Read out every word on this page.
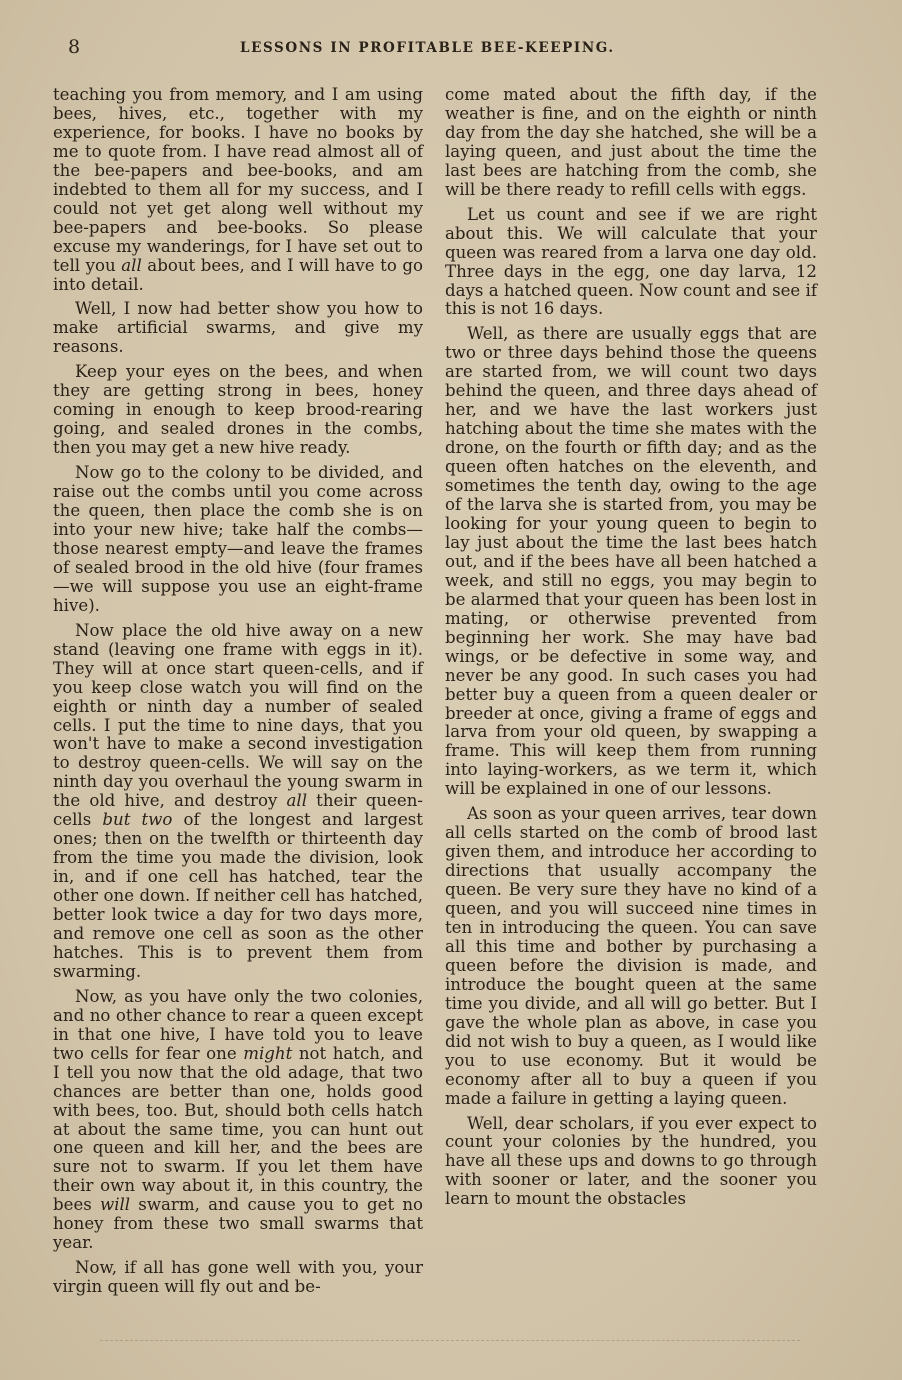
8	LESSONS IN PROFITABLE BEE-KEEPING.

teaching you from memory, and I am using bees, hives, etc., together with my experience, for books. I have no books by me to quote from. I have read almost all of the bee-papers and bee-books, and am indebted to them all for my success, and I could not yet get along well without my bee-papers and bee-books. So please excuse my wanderings, for I have set out to tell you all about bees, and I will have to go into detail.

Well, I now had better show you how to make artificial swarms, and give my reasons.

Keep your eyes on the bees, and when they are getting strong in bees, honey coming in enough to keep brood-rearing going, and sealed drones in the combs, then you may get a new hive ready.

Now go to the colony to be divided, and raise out the combs until you come across the queen, then place the comb she is on into your new hive; take half the combs—those nearest empty—and leave the frames of sealed brood in the old hive (four frames—we will suppose you use an eight-frame hive).

Now place the old hive away on a new stand (leaving one frame with eggs in it). They will at once start queen-cells, and if you keep close watch you will find on the eighth or ninth day a number of sealed cells. I put the time to nine days, that you won't have to make a second investigation to destroy queen-cells. We will say on the ninth day you overhaul the young swarm in the old hive, and destroy all their queen-cells but two of the longest and largest ones; then on the twelfth or thirteenth day from the time you made the division, look in, and if one cell has hatched, tear the other one down. If neither cell has hatched, better look twice a day for two days more, and remove one cell as soon as the other hatches. This is to prevent them from swarming.

Now, as you have only the two colonies, and no other chance to rear a queen except in that one hive, I have told you to leave two cells for fear one might not hatch, and I tell you now that the old adage, that two chances are better than one, holds good with bees, too. But, should both cells hatch at about the same time, you can hunt out one queen and kill her, and the bees are sure not to swarm. If you let them have their own way about it, in this country, the bees will swarm, and cause you to get no honey from these two small swarms that year.

Now, if all has gone well with you, your virgin queen will fly out and be-

come mated about the fifth day, if the weather is fine, and on the eighth or ninth day from the day she hatched, she will be a laying queen, and just about the time the last bees are hatching from the comb, she will be there ready to refill cells with eggs.

Let us count and see if we are right about this. We will calculate that your queen was reared from a larva one day old. Three days in the egg, one day larva, 12 days a hatched queen. Now count and see if this is not 16 days.

Well, as there are usually eggs that are two or three days behind those the queens are started from, we will count two days behind the queen, and three days ahead of her, and we have the last workers just hatching about the time she mates with the drone, on the fourth or fifth day; and as the queen often hatches on the eleventh, and sometimes the tenth day, owing to the age of the larva she is started from, you may be looking for your young queen to begin to lay just about the time the last bees hatch out, and if the bees have all been hatched a week, and still no eggs, you may begin to be alarmed that your queen has been lost in mating, or otherwise prevented from beginning her work. She may have bad wings, or be defective in some way, and never be any good. In such cases you had better buy a queen from a queen dealer or breeder at once, giving a frame of eggs and larva from your old queen, by swapping a frame. This will keep them from running into laying-workers, as we term it, which will be explained in one of our lessons.

As soon as your queen arrives, tear down all cells started on the comb of brood last given them, and introduce her according to directions that usually accompany the queen. Be very sure they have no kind of a queen, and you will succeed nine times in ten in introducing the queen. You can save all this time and bother by purchasing a queen before the division is made, and introduce the bought queen at the same time you divide, and all will go better. But I gave the whole plan as above, in case you did not wish to buy a queen, as I would like you to use economy. But it would be economy after all to buy a queen if you made a failure in getting a laying queen.

Well, dear scholars, if you ever expect to count your colonies by the hundred, you have all these ups and downs to go through with sooner or later, and the sooner you learn to mount the obstacles
